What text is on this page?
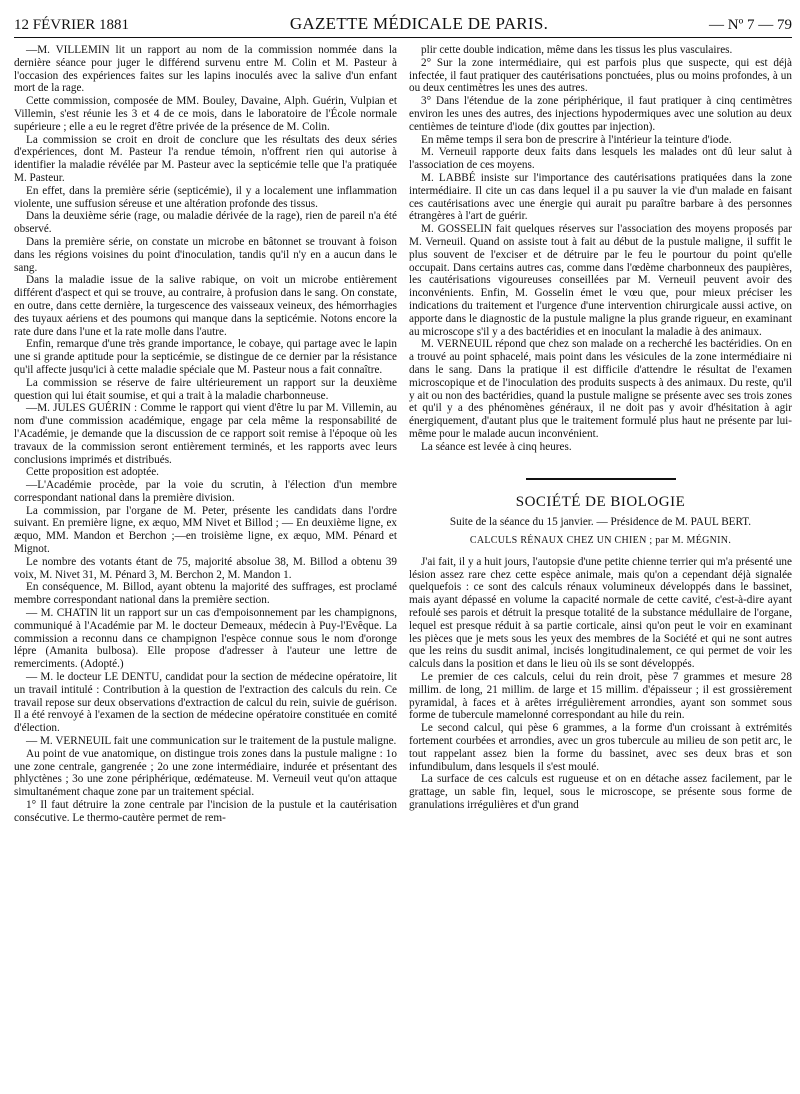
12 FÉVRIER 1881	GAZETTE MÉDICALE DE PARIS.	— Nº 7 — 79

—M. VILLEMIN lit un rapport au nom de la commission nommée dans la dernière séance pour juger le différend survenu entre M. Colin et M. Pasteur à l'occasion des expériences faites sur les lapins inoculés avec la salive d'un enfant mort de la rage.

Cette commission, composée de MM. Bouley, Davaine, Alph. Guérin, Vulpian et Villemin, s'est réunie les 3 et 4 de ce mois, dans le laboratoire de l'École normale supérieure ; elle a eu le regret d'être privée de la présence de M. Colin.

La commission se croit en droit de conclure que les résultats des deux séries d'expériences, dont M. Pasteur l'a rendue témoin, n'offrent rien qui autorise à identifier la maladie révélée par M. Pasteur avec la septicémie telle que l'a pratiquée M. Pasteur.

En effet, dans la première série (septicémie), il y a localement une inflammation violente, une suffusion séreuse et une altération profonde des tissus.

Dans la deuxième série (rage, ou maladie dérivée de la rage), rien de pareil n'a été observé.

Dans la première série, on constate un microbe en bâtonnet se trouvant à foison dans les régions voisines du point d'inoculation, tandis qu'il n'y en a aucun dans le sang.

Dans la maladie issue de la salive rabique, on voit un microbe entièrement différent d'aspect et qui se trouve, au contraire, à profusion dans le sang. On constate, en outre, dans cette dernière, la turgescence des vaisseaux veineux, des hémorrhagies des tuyaux aériens et des poumons qui manque dans la septicémie. Notons encore la rate dure dans l'une et la rate molle dans l'autre.

Enfin, remarque d'une très grande importance, le cobaye, qui partage avec le lapin une si grande aptitude pour la septicémie, se distingue de ce dernier par la résistance qu'il affecte jusqu'ici à cette maladie spéciale que M. Pasteur nous a fait connaître.

La commission se réserve de faire ultérieurement un rapport sur la deuxième question qui lui était soumise, et qui a trait à la maladie charbonneuse.

—M. JULES GUÉRIN : Comme le rapport qui vient d'être lu par M. Villemin, au nom d'une commission académique, engage par cela même la responsabilité de l'Académie, je demande que la discussion de ce rapport soit remise à l'époque où les travaux de la commission seront entièrement terminés, et les rapports avec leurs conclusions imprimés et distribués.

Cette proposition est adoptée.

—L'Académie procède, par la voie du scrutin, à l'élection d'un membre correspondant national dans la première division.

La commission, par l'organe de M. Peter, présente les candidats dans l'ordre suivant. En première ligne, ex æquo, MM Nivet et Billod ; — En deuxième ligne, ex æquo, MM. Mandon et Berchon ;—en troisième ligne, ex æquo, MM. Pénard et Mignot.

Le nombre des votants étant de 75, majorité absolue 38, M. Billod a obtenu 39 voix, M. Nivet 31, M. Pénard 3, M. Berchon 2, M. Mandon 1.

En conséquence, M. Billod, ayant obtenu la majorité des suffrages, est proclamé membre correspondant national dans la première section.

— M. CHATIN lit un rapport sur un cas d'empoisonnement par les champignons, communiqué à l'Académie par M. le docteur Demeaux, médecin à Puy-l'Evêque. La commission a reconnu dans ce champignon l'espèce connue sous le nom d'oronge lépre (Amanita bulbosa). Elle propose d'adresser à l'auteur une lettre de remerciments. (Adopté.)

— M. le docteur LE DENTU, candidat pour la section de médecine opératoire, lit un travail intitulé : Contribution à la question de l'extraction des calculs du rein. Ce travail repose sur deux observations d'extraction de calcul du rein, suivie de guérison. Il a été renvoyé à l'examen de la section de médecine opératoire constituée en comité d'élection.

— M. VERNEUIL fait une communication sur le traitement de la pustule maligne.

Au point de vue anatomique, on distingue trois zones dans la pustule maligne : 1o une zone centrale, gangrenée ; 2o une zone intermédiaire, indurée et présentant des phlyctènes ; 3o une zone périphérique, œdémateuse. M. Verneuil veut qu'on attaque simultanément chaque zone par un traitement spécial.

1° Il faut détruire la zone centrale par l'incision de la pustule et la cautérisation consécutive. Le thermo-cautère permet de rem-

plir cette double indication, même dans les tissus les plus vasculaires.

2° Sur la zone intermédiaire, qui est parfois plus que suspecte, qui est déjà infectée, il faut pratiquer des cautérisations ponctuées, plus ou moins profondes, à un ou deux centimètres les unes des autres.

3° Dans l'étendue de la zone périphérique, il faut pratiquer à cinq centimètres environ les unes des autres, des injections hypodermiques avec une solution au deux centièmes de teinture d'iode (dix gouttes par injection).

En même temps il sera bon de prescrire à l'intérieur la teinture d'iode.

M. Verneuil rapporte deux faits dans lesquels les malades ont dû leur salut à l'association de ces moyens.

M. LABBÉ insiste sur l'importance des cautérisations pratiquées dans la zone intermédiaire. Il cite un cas dans lequel il a pu sauver la vie d'un malade en faisant ces cautérisations avec une énergie qui aurait pu paraître barbare à des personnes étrangères à l'art de guérir.

M. GOSSELIN fait quelques réserves sur l'association des moyens proposés par M. Verneuil. Quand on assiste tout à fait au début de la pustule maligne, il suffit le plus souvent de l'exciser et de détruire par le feu le pourtour du point qu'elle occupait. Dans certains autres cas, comme dans l'œdème charbonneux des paupières, les cautérisations vigoureuses conseillées par M. Verneuil peuvent avoir des inconvénients. Enfin, M. Gosselin émet le vœu que, pour mieux préciser les indications du traitement et l'urgence d'une intervention chirurgicale aussi active, on apporte dans le diagnostic de la pustule maligne la plus grande rigueur, en examinant au microscope s'il y a des bactéridies et en inoculant la maladie à des animaux.

M. VERNEUIL répond que chez son malade on a recherché les bactéridies. On en a trouvé au point sphacelé, mais point dans les vésicules de la zone intermédiaire ni dans le sang. Dans la pratique il est difficile d'attendre le résultat de l'examen microscopique et de l'inoculation des produits suspects à des animaux. Du reste, qu'il y ait ou non des bactéridies, quand la pustule maligne se présente avec ses trois zones et qu'il y a des phénomènes généraux, il ne doit pas y avoir d'hésitation à agir énergiquement, d'autant plus que le traitement formulé plus haut ne présente par lui-même pour le malade aucun inconvénient.

La séance est levée à cinq heures.

SOCIÉTÉ DE BIOLOGIE
Suite de la séance du 15 janvier. — Présidence de M. PAUL BERT.
CALCULS RÉNAUX CHEZ UN CHIEN ; par M. MÉGNIN.

J'ai fait, il y a huit jours, l'autopsie d'une petite chienne terrier qui m'a présenté une lésion assez rare chez cette espèce animale, mais qu'on a cependant déjà signalée quelquefois : ce sont des calculs rénaux volumineux développés dans le bassinet, mais ayant dépassé en volume la capacité normale de cette cavité, c'est-à-dire ayant refoulé ses parois et détruit la presque totalité de la substance médullaire de l'organe, lequel est presque réduit à sa partie corticale, ainsi qu'on peut le voir en examinant les pièces que je mets sous les yeux des membres de la Société et qui ne sont autres que les reins du susdit animal, incisés longitudinalement, ce qui permet de voir les calculs dans la position et dans le lieu où ils se sont développés.

Le premier de ces calculs, celui du rein droit, pèse 7 grammes et mesure 28 millim. de long, 21 millim. de large et 15 millim. d'épaisseur ; il est grossièrement pyramidal, à faces et à arêtes irrégulièrement arrondies, ayant son sommet sous forme de tubercule mamelonné correspondant au hile du rein.

Le second calcul, qui pèse 6 grammes, a la forme d'un croissant à extrémités fortement courbées et arrondies, avec un gros tubercule au milieu de son petit arc, le tout rappelant assez bien la forme du bassinet, avec ses deux bras et son infundibulum, dans lesquels il s'est moulé.

La surface de ces calculs est rugueuse et on en détache assez facilement, par le grattage, un sable fin, lequel, sous le microscope, se présente sous forme de granulations irrégulières et d'un grand
